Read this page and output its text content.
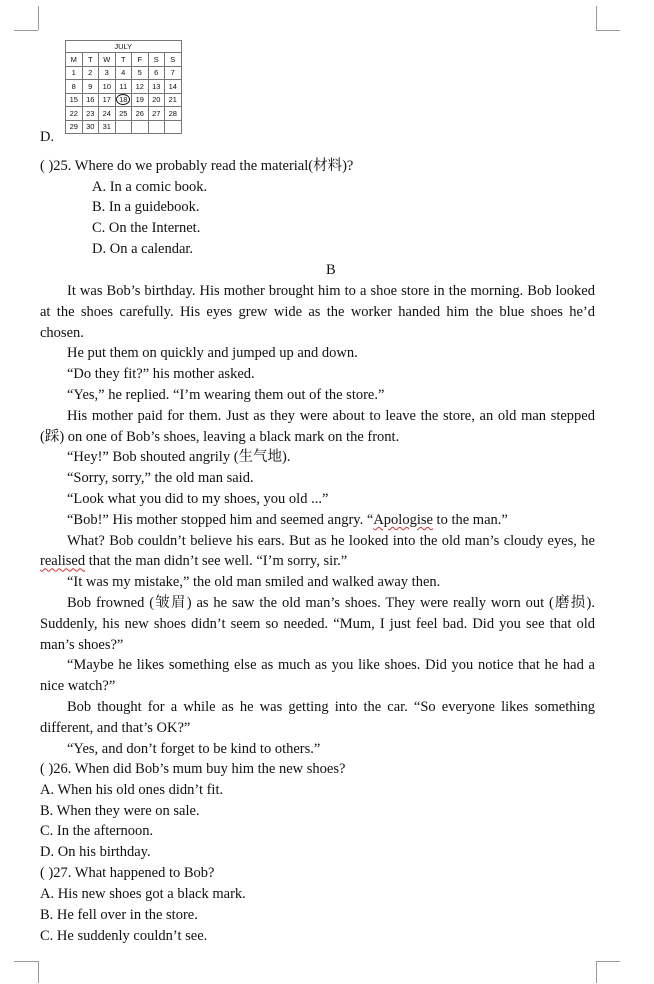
JULY						
M	T	W	T	F	S	S
1	2	3	4	5	6	7
8	9	10	11	12	13	14
15	16	17	18	19	20	21
22	23	24	25	26	27	28
29	30	31				
D.
( )25. Where do we probably read the material(材料)?
A. In a comic book.
B. In a guidebook.
C. On the Internet.
D. On a calendar.
B
It was Bob’s birthday. His mother brought him to a shoe store in the morning. Bob looked at the shoes carefully. His eyes grew wide as the worker handed him the blue shoes he’d chosen.
He put them on quickly and jumped up and down.
“Do they fit?” his mother asked.
“Yes,” he replied. “I’m wearing them out of the store.”
His mother paid for them. Just as they were about to leave the store, an old man stepped (踩) on one of Bob’s shoes, leaving a black mark on the front.
“Hey!” Bob shouted angrily (生气地).
“Sorry, sorry,” the old man said.
“Look what you did to my shoes, you old ...”
“Bob!” His mother stopped him and seemed angry. “Apologise to the man.”
What? Bob couldn’t believe his ears. But as he looked into the old man’s cloudy eyes, he realised that the man didn’t see well. “I’m sorry, sir.”
“It was my mistake,” the old man smiled and walked away then.
Bob frowned (皱眉) as he saw the old man’s shoes. They were really worn out (磨损). Suddenly, his new shoes didn’t seem so needed. “Mum, I just feel bad. Did you see that old man’s shoes?”
“Maybe he likes something else as much as you like shoes. Did you notice that he had a nice watch?”
Bob thought for a while as he was getting into the car. “So everyone likes something different, and that’s OK?”
“Yes, and don’t forget to be kind to others.”
( )26. When did Bob’s mum buy him the new shoes?
A. When his old ones didn’t fit.
B. When they were on sale.
C. In the afternoon.
D. On his birthday.
( )27. What happened to Bob?
A. His new shoes got a black mark.
B. He fell over in the store.
C. He suddenly couldn’t see.
